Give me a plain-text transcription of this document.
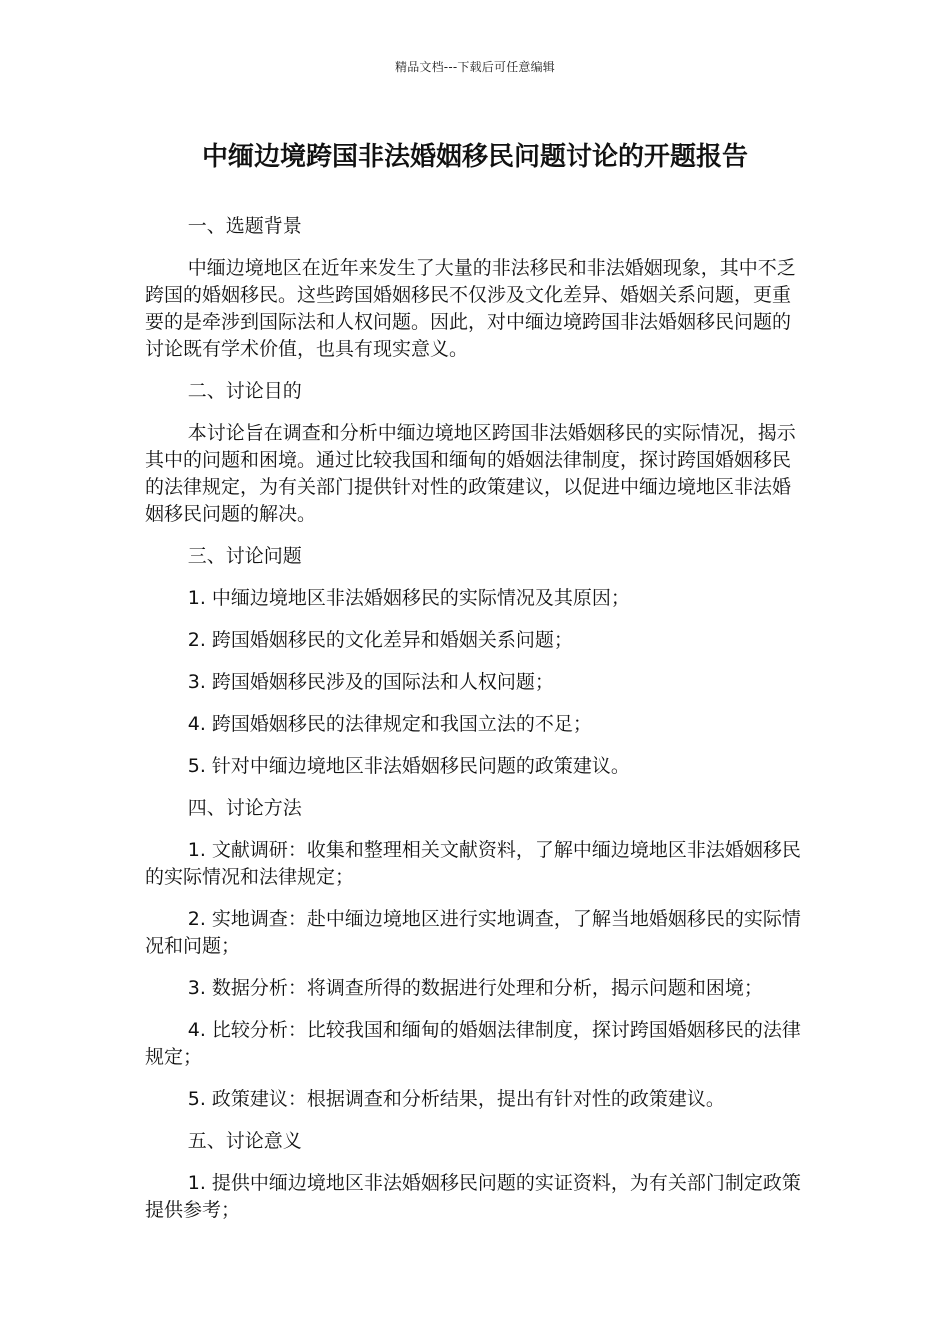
精品文档---下载后可任意编辑
中缅边境跨国非法婚姻移民问题讨论的开题报告

一、选题背景

中缅边境地区在近年来发生了大量的非法移民和非法婚姻现象，其中不乏跨国的婚姻移民。这些跨国婚姻移民不仅涉及文化差异、婚姻关系问题，更重要的是牵涉到国际法和人权问题。因此，对中缅边境跨国非法婚姻移民问题的讨论既有学术价值，也具有现实意义。

二、讨论目的

本讨论旨在调查和分析中缅边境地区跨国非法婚姻移民的实际情况，揭示其中的问题和困境。通过比较我国和缅甸的婚姻法律制度，探讨跨国婚姻移民的法律规定，为有关部门提供针对性的政策建议，以促进中缅边境地区非法婚姻移民问题的解决。

三、讨论问题

1. 中缅边境地区非法婚姻移民的实际情况及其原因；

2. 跨国婚姻移民的文化差异和婚姻关系问题；

3. 跨国婚姻移民涉及的国际法和人权问题；

4. 跨国婚姻移民的法律规定和我国立法的不足；

5. 针对中缅边境地区非法婚姻移民问题的政策建议。

四、讨论方法

1. 文献调研：收集和整理相关文献资料，了解中缅边境地区非法婚姻移民的实际情况和法律规定；

2. 实地调查：赴中缅边境地区进行实地调查，了解当地婚姻移民的实际情况和问题；

3. 数据分析：将调查所得的数据进行处理和分析，揭示问题和困境；

4. 比较分析：比较我国和缅甸的婚姻法律制度，探讨跨国婚姻移民的法律规定；

5. 政策建议：根据调查和分析结果，提出有针对性的政策建议。

五、讨论意义

1. 提供中缅边境地区非法婚姻移民问题的实证资料，为有关部门制定政策提供参考；
